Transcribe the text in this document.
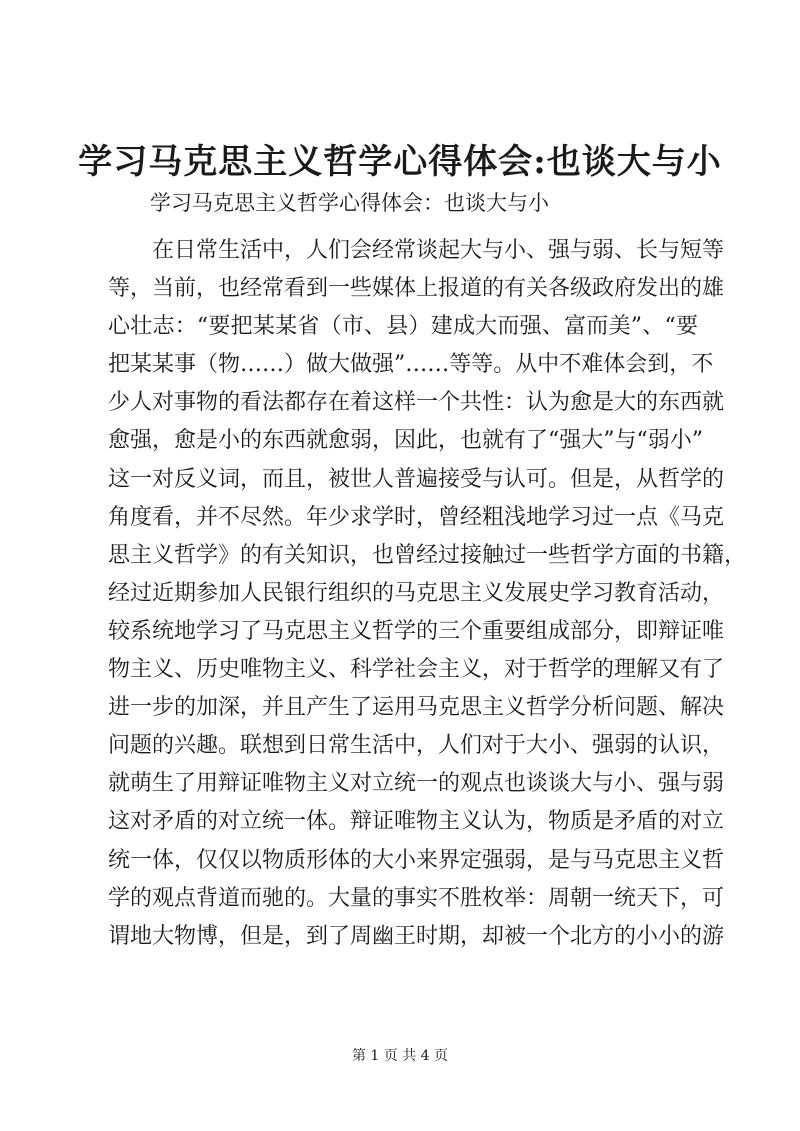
学习马克思主义哲学心得体会:也谈大与小
学习马克思主义哲学心得体会：也谈大与小
在日常生活中，人们会经常谈起大与小、强与弱、长与短等
等，当前，也经常看到一些媒体上报道的有关各级政府发出的雄
心壮志：“要把某某省（市、县）建成大而强、富而美”、“要
把某某事（物……）做大做强”……等等。从中不难体会到，不
少人对事物的看法都存在着这样一个共性：认为愈是大的东西就
愈强，愈是小的东西就愈弱，因此，也就有了“强大”与“弱小”
这一对反义词，而且，被世人普遍接受与认可。但是，从哲学的
角度看，并不尽然。年少求学时，曾经粗浅地学习过一点《马克
思主义哲学》的有关知识，也曾经过接触过一些哲学方面的书籍，
经过近期参加人民银行组织的马克思主义发展史学习教育活动，
较系统地学习了马克思主义哲学的三个重要组成部分，即辩证唯
物主义、历史唯物主义、科学社会主义，对于哲学的理解又有了
进一步的加深，并且产生了运用马克思主义哲学分析问题、解决
问题的兴趣。联想到日常生活中，人们对于大小、强弱的认识，
就萌生了用辩证唯物主义对立统一的观点也谈谈大与小、强与弱
这对矛盾的对立统一体。辩证唯物主义认为，物质是矛盾的对立
统一体，仅仅以物质形体的大小来界定强弱，是与马克思主义哲
学的观点背道而驰的。大量的事实不胜枚举：周朝一统天下，可
谓地大物博，但是，到了周幽王时期，却被一个北方的小小的游
第 1 页 共 4 页
